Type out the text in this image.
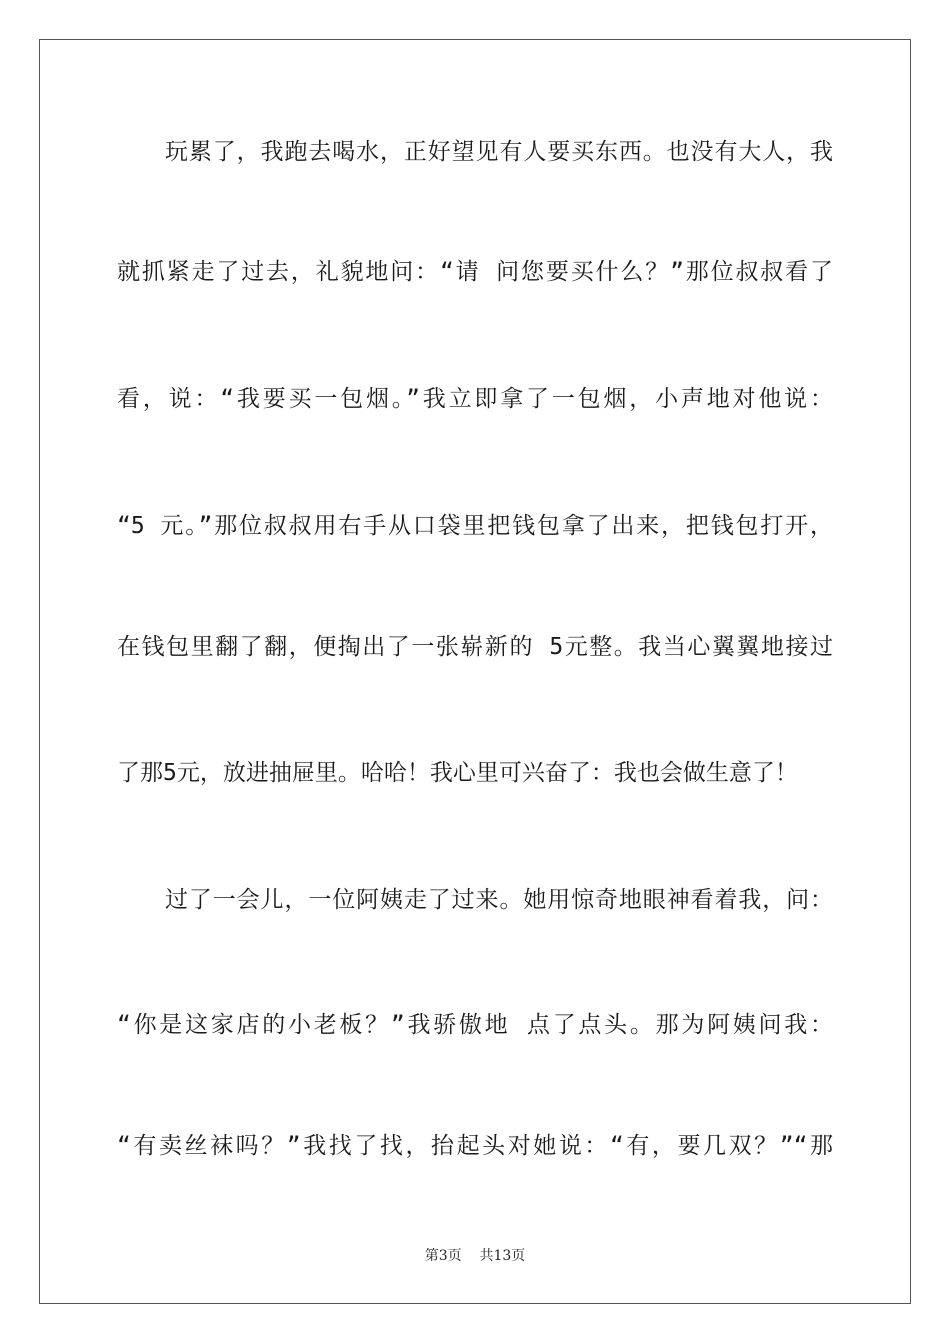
玩累了，我跑去喝水，正好望见有人要买东西。也没有大人，我
就抓紧走了过去，礼貌地问：“请 问您要买什么？”那位叔叔看了
看，说：“我要买一包烟。”我立即拿了一包烟，小声地对他说：
“5 元。”那位叔叔用右手从口袋里把钱包拿了出来，把钱包打开，
在钱包里翻了翻，便掏出了一张崭新的 5元整。我当心翼翼地接过
了那5元，放进抽屉里。哈哈！我心里可兴奋了：我也会做生意了！
过了一会儿，一位阿姨走了过来。她用惊奇地眼神看着我，问：
“你是这家店的小老板？”我骄傲地 点了点头。那为阿姨问我：
“有卖丝袜吗？”我找了找，抬起头对她说：“有，要几双？”“那
第3页 共13页
